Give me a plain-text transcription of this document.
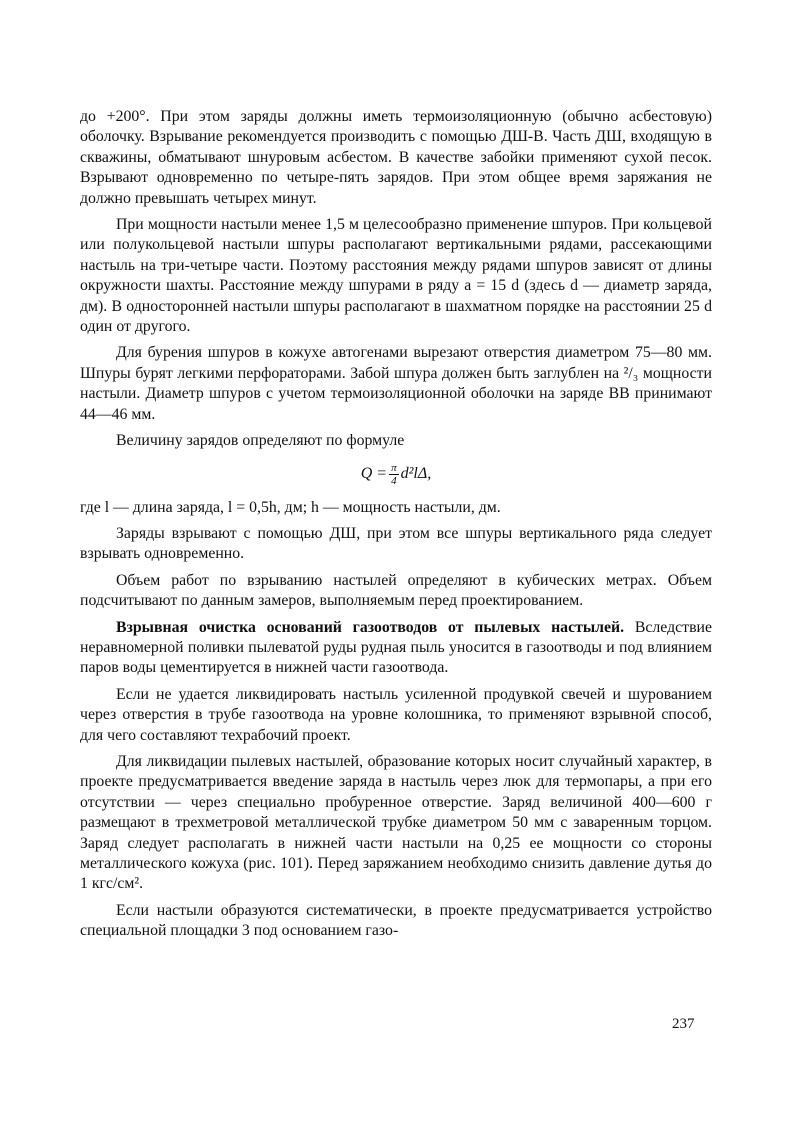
до +200°. При этом заряды должны иметь термоизоляционную (обычно асбестовую) оболочку. Взрывание рекомендуется производить с помощью ДШ-В. Часть ДШ, входящую в скважины, обматывают шнуровым асбестом. В качестве забойки применяют сухой песок. Взрывают одновременно по четыре-пять зарядов. При этом общее время заряжания не должно превышать четырех минут.

При мощности настыли менее 1,5 м целесообразно применение шпуров. При кольцевой или полукольцевой настыли шпуры располагают вертикальными рядами, рассекающими настыль на три-четыре части. Поэтому расстояния между рядами шпуров зависят от длины окружности шахты. Расстояние между шпурами в ряду a = 15 d (здесь d — диаметр заряда, дм). В односторонней настыли шпуры располагают в шахматном порядке на расстоянии 25 d один от другого.

Для бурения шпуров в кожухе автогенами вырезают отверстия диаметром 75—80 мм. Шпуры бурят легкими перфораторами. Забой шпура должен быть заглублен на ²/₃ мощности настыли. Диаметр шпуров с учетом термоизоляционной оболочки на заряде ВВ принимают 44—46 мм.

Величину зарядов определяют по формуле

$Q = \frac{\pi}{4} d^2l\Delta$,

где l — длина заряда, l = 0,5h, дм; h — мощность настыли, дм.

Заряды взрывают с помощью ДШ, при этом все шпуры вертикального ряда следует взрывать одновременно.

Объем работ по взрыванию настылей определяют в кубических метрах. Объем подсчитывают по данным замеров, выполняемым перед проектированием.

Взрывная очистка оснований газоотводов от пылевых настылей. Вследствие неравномерной поливки пылеватой руды рудная пыль уносится в газоотводы и под влиянием паров воды цементируется в нижней части газоотвода.

Если не удается ликвидировать настыль усиленной продувкой свечей и шурованием через отверстия в трубе газоотвода на уровне колошника, то применяют взрывной способ, для чего составляют техрабочий проект.

Для ликвидации пылевых настылей, образование которых носит случайный характер, в проекте предусматривается введение заряда в настыль через люк для термопары, а при его отсутствии — через специально пробуренное отверстие. Заряд величиной 400—600 г размещают в трехметровой металлической трубке диаметром 50 мм с заваренным торцом. Заряд следует располагать в нижней части настыли на 0,25 ее мощности со стороны металлического кожуха (рис. 101). Перед заряжанием необходимо снизить давление дутья до 1 кгс/см².

Если настыли образуются систематически, в проекте предусматривается устройство специальной площадки 3 под основанием газо-

237
